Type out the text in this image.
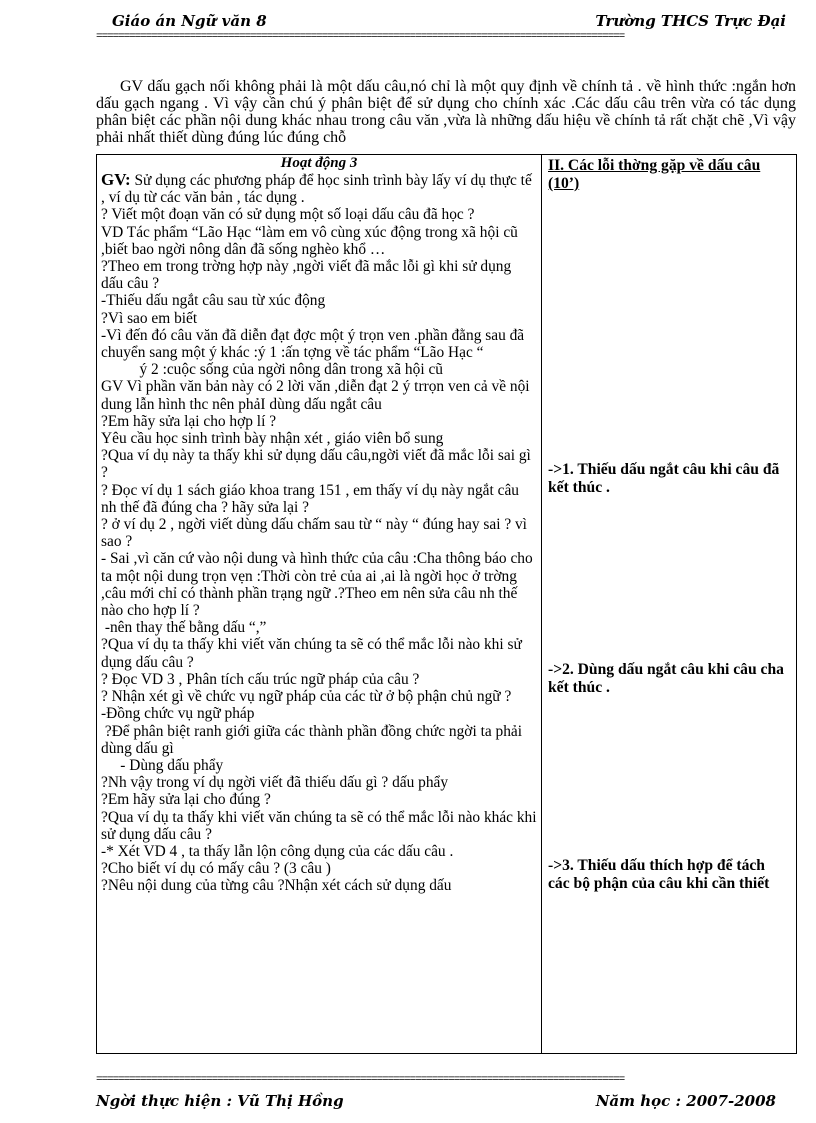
Giáo án Ngữ văn 8	Trường THCS Trực Đại
================================================================================================

GV dấu gạch nối không phải là một dấu câu,nó chỉ là một quy định về chính tả . về hình thức :ngắn hơn dấu gạch ngang . Vì vậy cần chú ý phân biệt để sử dụng cho chính xác .Các dấu câu trên vừa có tác dụng phân biệt các phần nội dung khác nhau trong câu văn ,vừa là những dấu hiệu về chính tả rất chặt chẽ ,Vì vậy phải nhất thiết dùng đúng lúc đúng chỗ

Hoạt động 3

GV: Sử dụng các phương pháp để học sinh trình bày lấy ví dụ thực tế , ví dụ từ các văn bản , tác dụng .

? Viết một đoạn văn có sử dụng một số loại dấu câu đã học ?

VD Tác phẩm “Lão Hạc “làm em vô cùng xúc động trong xã hội cũ ,biết bao ngời nông dân đã sống nghèo khổ …

?Theo em trong trờng hợp này ,ngời viết đã mắc lỗi gì khi sử dụng dấu câu ?

-Thiếu dấu ngắt câu sau từ xúc động

?Vì sao em biết

-Vì đến đó câu văn đã diễn đạt đợc một ý trọn ven .phần đằng sau đã chuyển sang một ý khác :ý 1 :ấn tợng về tác phẩm “Lão Hạc “

ý 2 :cuộc sống của ngời nông dân trong xã hội cũ

GV Vì phần văn bản này có 2 lời văn ,diễn đạt 2 ý trrọn ven cả về nội dung lẫn hình thc nên phảI dùng dấu ngắt câu

?Em hãy sửa lại cho hợp lí ?

Yêu cầu học sinh trình bày nhận xét , giáo viên bổ sung

?Qua ví dụ này ta thấy khi sử dụng dấu câu,ngời viết đã mắc lỗi sai gì ?

? Đọc ví dụ 1 sách giáo khoa trang 151 , em thấy ví dụ này ngắt câu nh thế đã đúng cha ? hãy sửa lại ?

? ở ví dụ 2 , ngời viết dùng dấu chấm sau từ “ này “ đúng hay sai ? vì sao ?

- Sai ,vì căn cứ vào nội dung và hình thức của câu :Cha thông báo cho ta một nội dung trọn vẹn :Thời còn trẻ của ai ,ai là ngời học ở trờng ,câu mới chỉ có thành phần trạng ngữ .?Theo em nên sửa câu nh thế nào cho hợp lí ?

-nên thay thế bằng dấu “,”

?Qua ví dụ ta thấy khi viết văn chúng ta sẽ có thể mắc lỗi nào khi sử dụng dấu câu ?

? Đọc VD 3 , Phân tích cấu trúc ngữ pháp của câu ?

? Nhận xét gì về chức vụ ngữ pháp của các từ ở bộ phận chủ ngữ ?

-Đồng chức vụ ngữ pháp

?Để phân biệt ranh giới giữa các thành phần đồng chức ngời ta phải dùng dấu gì

- Dùng dấu phẩy

?Nh vậy trong ví dụ ngời viết đã thiếu dấu gì ? dấu phẩy

?Em hãy sửa lại cho đúng ?

?Qua ví dụ ta thấy khi viết văn chúng ta sẽ có thể mắc lỗi nào khác khi sử dụng dấu câu ?

-* Xét VD 4 , ta thấy lẫn lộn công dụng của các dấu câu .

?Cho biết ví dụ có mấy câu ? (3 câu )

?Nêu nội dung của từng câu ?Nhận xét cách sử dụng dấu

II. Các lỗi thờng gặp về dấu câu (10’)
->1. Thiếu dấu ngắt câu khi câu đã kết thúc .
->2. Dùng dấu ngắt câu khi câu cha kết thúc .
->3. Thiếu dấu thích hợp để tách các bộ phận của câu khi cần thiết
================================================================================================
Ngời thực hiện : Vũ Thị Hồng	Năm học : 2007-2008
